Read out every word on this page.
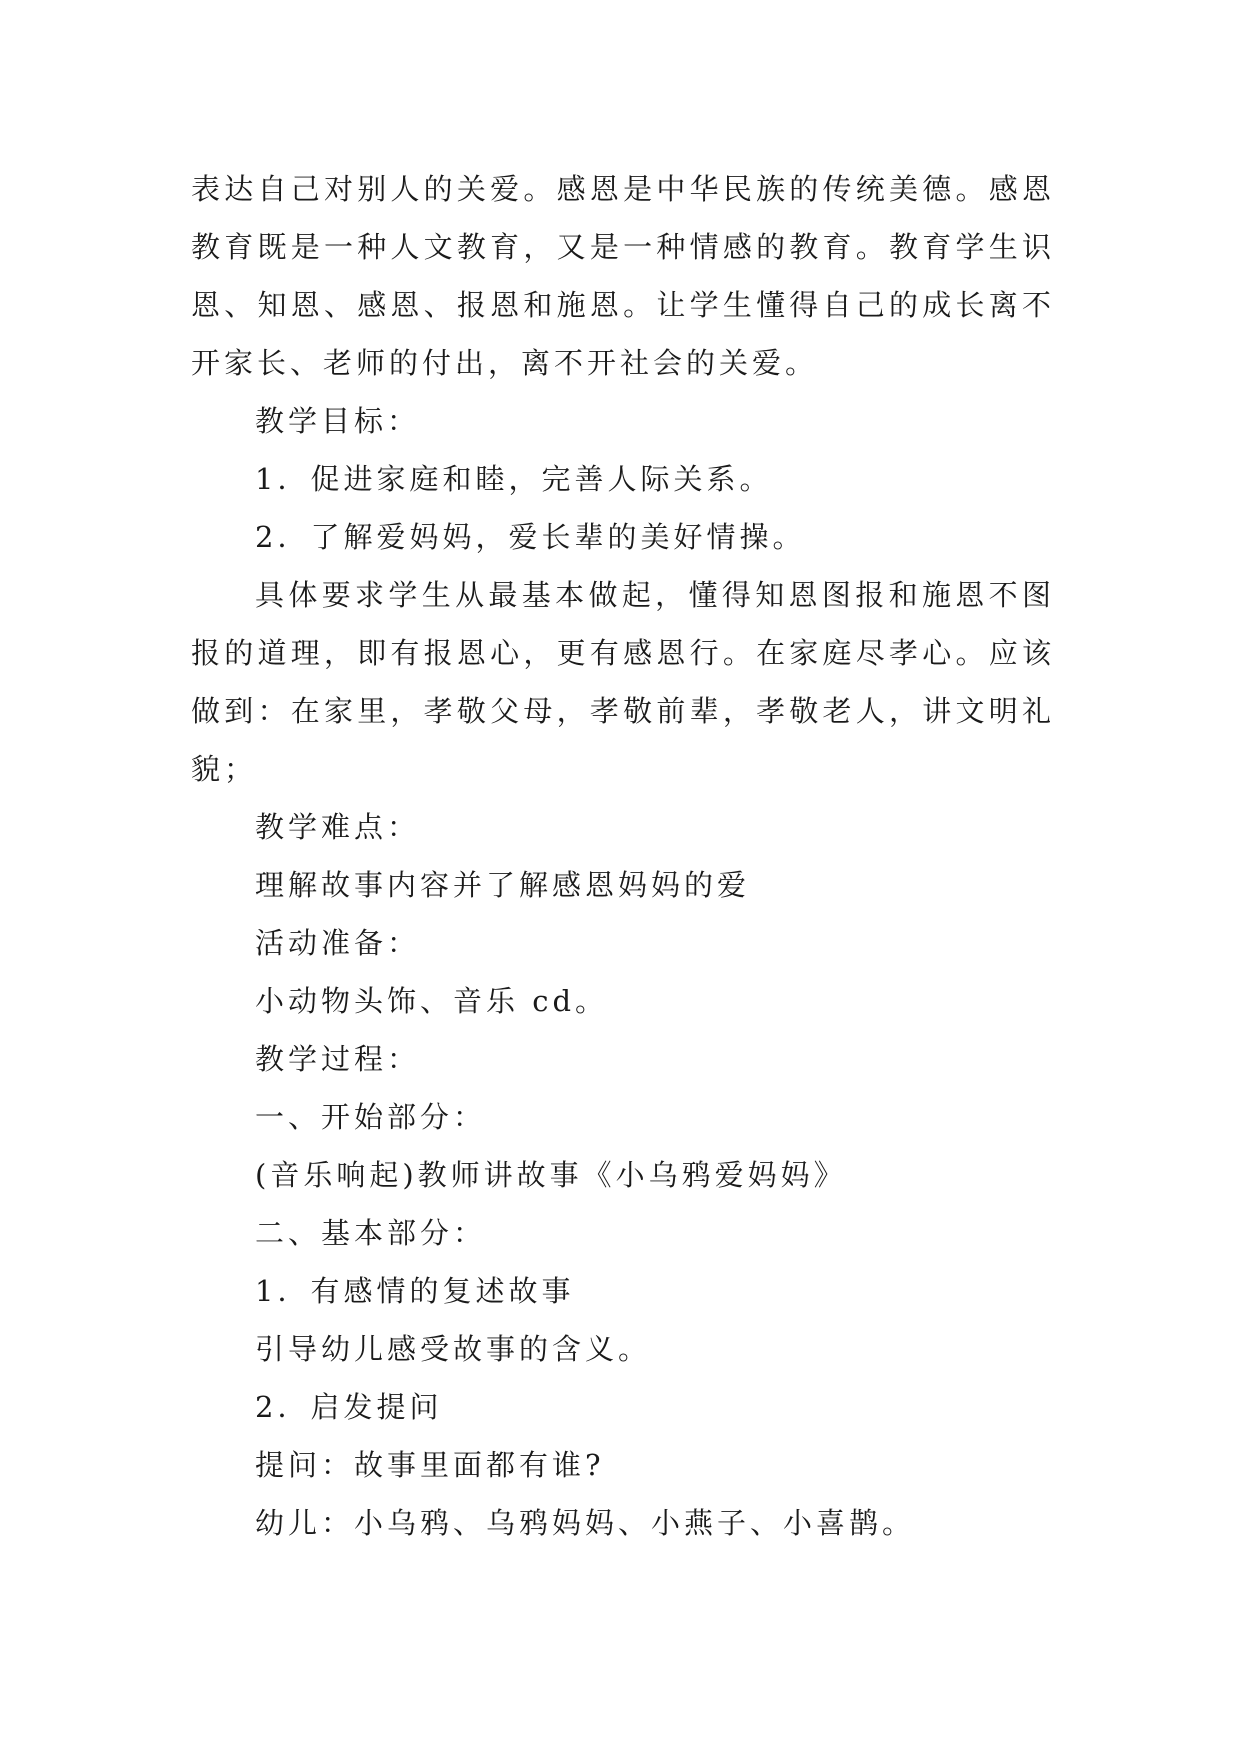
表达自己对别人的关爱。感恩是中华民族的传统美德。感恩教育既是一种人文教育，又是一种情感的教育。教育学生识恩、知恩、感恩、报恩和施恩。让学生懂得自己的成长离不开家长、老师的付出，离不开社会的关爱。

教学目标：

1．促进家庭和睦，完善人际关系。

2．了解爱妈妈，爱长辈的美好情操。

具体要求学生从最基本做起，懂得知恩图报和施恩不图报的道理，即有报恩心，更有感恩行。在家庭尽孝心。应该做到：在家里，孝敬父母，孝敬前辈，孝敬老人，讲文明礼貌；

教学难点：

理解故事内容并了解感恩妈妈的爱

活动准备：

小动物头饰、音乐 cd。

教学过程：

一、开始部分：

(音乐响起)教师讲故事《小乌鸦爱妈妈》

二、基本部分：

1．有感情的复述故事

引导幼儿感受故事的含义。

2．启发提问

提问：故事里面都有谁?

幼儿：小乌鸦、乌鸦妈妈、小燕子、小喜鹊。
